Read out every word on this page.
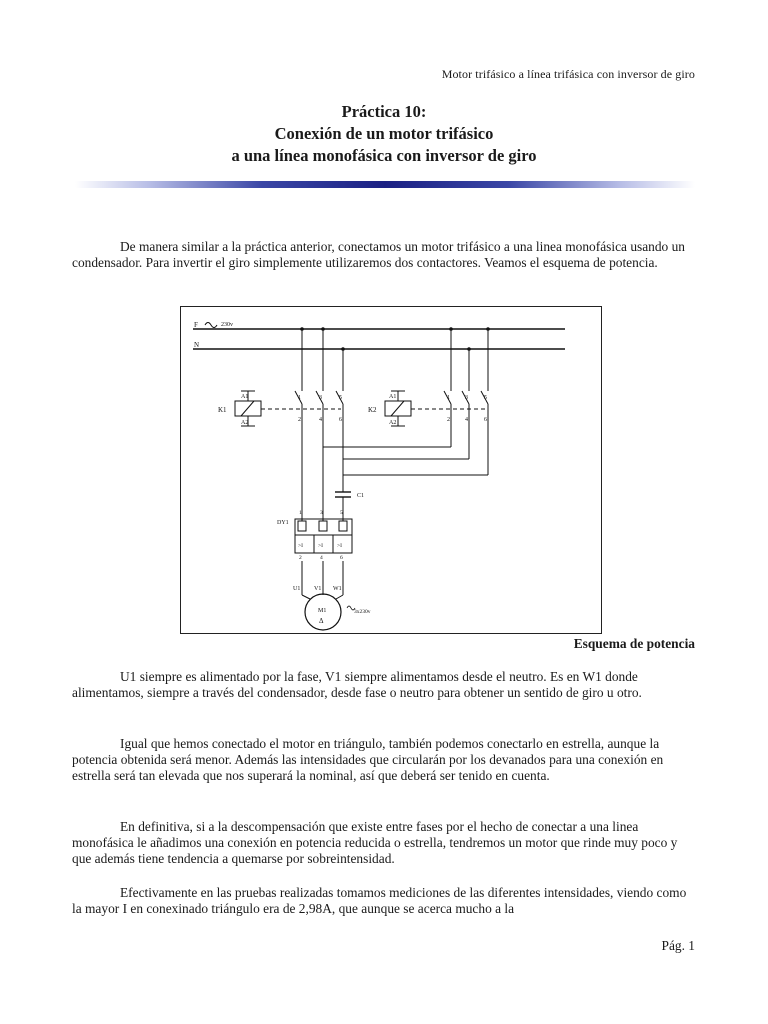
Motor trifásico a línea trifásica con inversor de giro
Práctica 10:
Conexión de un motor trifásico
a una línea monofásica con inversor de giro

De manera similar a la práctica anterior, conectamos un motor trifásico a una linea monofásica usando un condensador. Para invertir el giro simplemente utilizaremos dos contactores. Veamos el esquema de potencia.

F
N
230v
1	3	5
2	4	6
1	3	5
2	4	6
A1
A2
K1
A1
A2
K2
C1
DY1
1	3	5
>I	>I	>I
2	4	6
U1 V1 W1
M1
Δ
3x230v
Esquema de potencia

U1 siempre es alimentado por la fase, V1 siempre alimentamos desde el neutro. Es en W1 donde alimentamos, siempre a través del condensador, desde fase o neutro para obtener un sentido de giro u otro.

Igual que hemos conectado el motor en triángulo, también podemos conectarlo en estrella, aunque la potencia obtenida será menor. Además las intensidades que circularán por los devanados para una conexión en estrella será tan elevada que nos superará la nominal, así que deberá ser tenido en cuenta.

En definitiva, si a la descompensación que existe entre fases por el hecho de conectar a una linea monofásica le añadimos una conexión en potencia reducida o estrella, tendremos un motor que rinde muy poco y que además tiene tendencia a quemarse por sobreintensidad.

Efectivamente en las pruebas realizadas tomamos mediciones de las diferentes intensidades, viendo como la mayor I en conexinado triángulo era de 2,98A, que aunque se acerca mucho a la

Pág. 1
